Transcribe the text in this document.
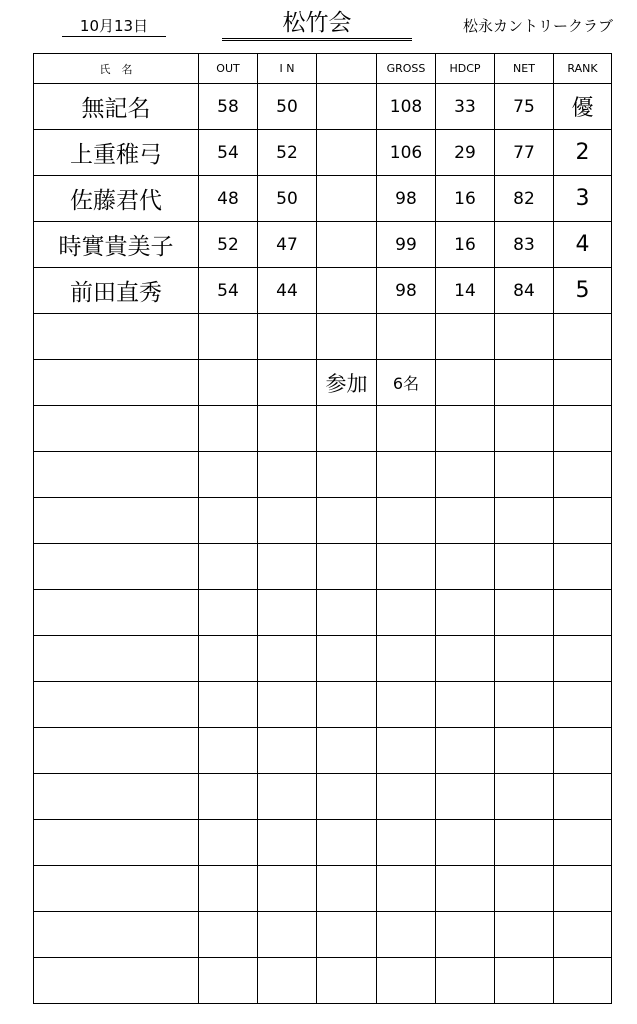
10月13日	松竹会	松永カントリークラブ
氏　名	OUT	I N		GROSS	HDCP	NET	RANK
無記名	58	50		108	33	75	優
上重稚弓	54	52		106	29	77	2
佐藤君代	48	50		98	16	82	3
時實貴美子	52	47		99	16	83	4
前田直秀	54	44		98	14	84	5

			参加	6名			
